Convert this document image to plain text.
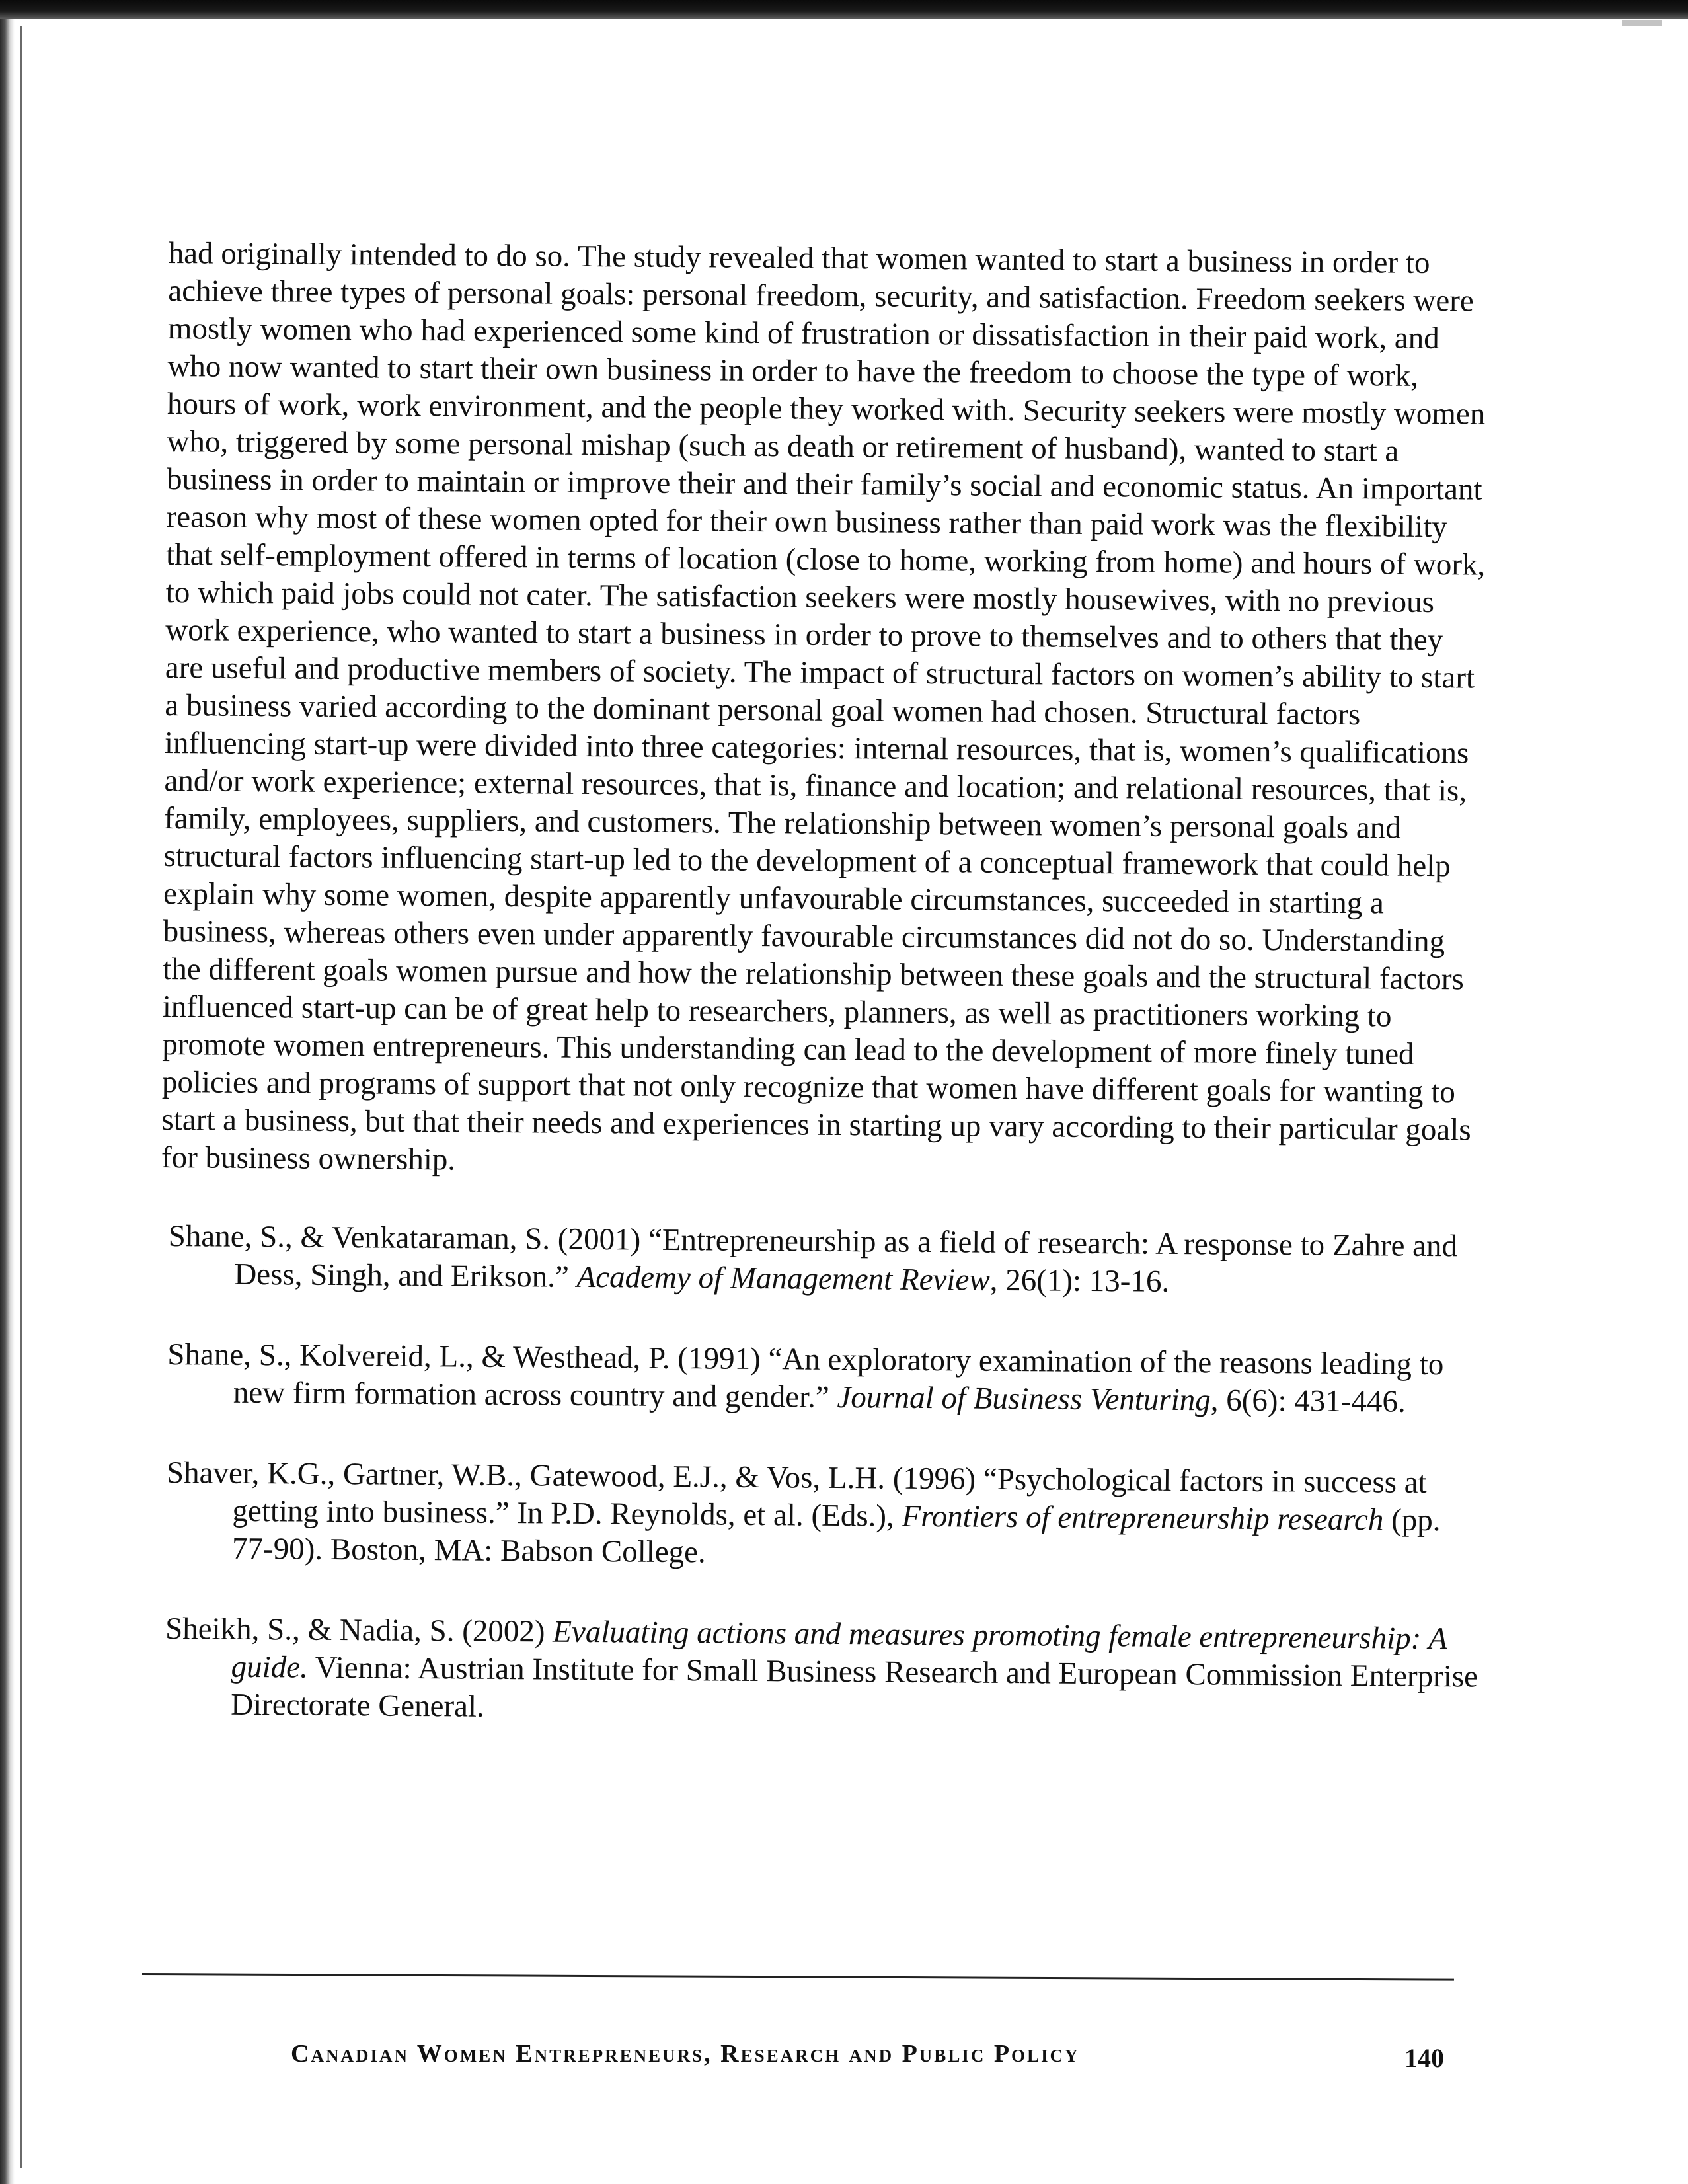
had originally intended to do so. The study revealed that women wanted to start a business in order to achieve three types of personal goals: personal freedom, security, and satisfaction. Freedom seekers were mostly women who had experienced some kind of frustration or dissatisfaction in their paid work, and who now wanted to start their own business in order to have the freedom to choose the type of work, hours of work, work environment, and the people they worked with. Security seekers were mostly women who, triggered by some personal mishap (such as death or retirement of husband), wanted to start a business in order to maintain or improve their and their family’s social and economic status. An important reason why most of these women opted for their own business rather than paid work was the flexibility that self-employment offered in terms of location (close to home, working from home) and hours of work, to which paid jobs could not cater. The satisfaction seekers were mostly housewives, with no previous work experience, who wanted to start a business in order to prove to themselves and to others that they are useful and productive members of society. The impact of structural factors on women’s ability to start a business varied according to the dominant personal goal women had chosen. Structural factors influencing start-up were divided into three categories: internal resources, that is, women’s qualifications and/or work experience; external resources, that is, finance and location; and relational resources, that is, family, employees, suppliers, and customers. The relationship between women’s personal goals and structural factors influencing start-up led to the development of a conceptual framework that could help explain why some women, despite apparently unfavourable circumstances, succeeded in starting a business, whereas others even under apparently favourable circumstances did not do so. Understanding the different goals women pursue and how the relationship between these goals and the structural factors influenced start-up can be of great help to researchers, planners, as well as practitioners working to promote women entrepreneurs. This understanding can lead to the development of more finely tuned policies and programs of support that not only recognize that women have different goals for wanting to start a business, but that their needs and experiences in starting up vary according to their particular goals for business ownership.

Shane, S., & Venkataraman, S. (2001) “Entrepreneurship as a field of research: A response to Zahre and Dess, Singh, and Erikson.” Academy of Management Review, 26(1): 13-16.

Shane, S., Kolvereid, L., & Westhead, P. (1991) “An exploratory examination of the reasons leading to new firm formation across country and gender.” Journal of Business Venturing, 6(6): 431-446.

Shaver, K.G., Gartner, W.B., Gatewood, E.J., & Vos, L.H. (1996) “Psychological factors in success at getting into business.” In P.D. Reynolds, et al. (Eds.), Frontiers of entrepreneurship research (pp. 77-90). Boston, MA: Babson College.

Sheikh, S., & Nadia, S. (2002) Evaluating actions and measures promoting female entrepreneurship: A guide. Vienna: Austrian Institute for Small Business Research and European Commission Enterprise Directorate General.

Canadian Women Entrepreneurs, Research and Public Policy	140
